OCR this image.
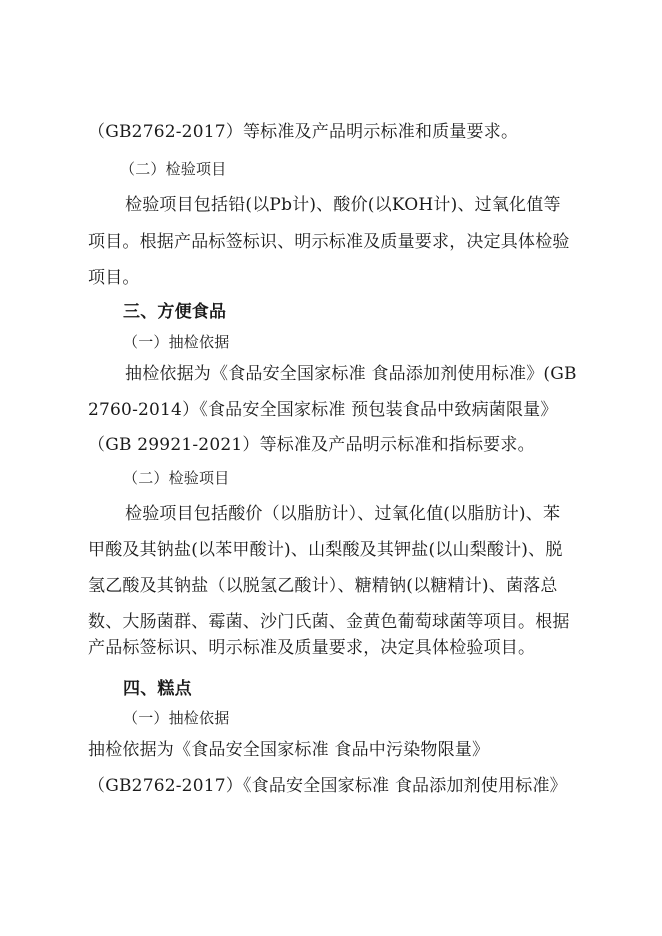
（GB2762-2017）等标准及产品明示标准和质量要求。
（二）检验项目
检验项目包括铅(以Pb计)、酸价(以KOH计)、过氧化值等
项目。根据产品标签标识、明示标准及质量要求，决定具体检验
项目。
三、方便食品
（一）抽检依据
抽检依据为《食品安全国家标准 食品添加剂使用标准》(GB
2760-2014）《食品安全国家标准 预包装食品中致病菌限量》
（GB 29921-2021）等标准及产品明示标准和指标要求。
（二）检验项目
检验项目包括酸价（以脂肪计）、过氧化值(以脂肪计)、苯
甲酸及其钠盐(以苯甲酸计)、山梨酸及其钾盐(以山梨酸计)、脱
氢乙酸及其钠盐（以脱氢乙酸计）、糖精钠(以糖精计)、菌落总
数、大肠菌群、霉菌、沙门氏菌、金黄色葡萄球菌等项目。根据
产品标签标识、明示标准及质量要求，决定具体检验项目。
四、糕点
（一）抽检依据
抽检依据为《食品安全国家标准 食品中污染物限量》
（GB2762-2017）《食品安全国家标准 食品添加剂使用标准》
